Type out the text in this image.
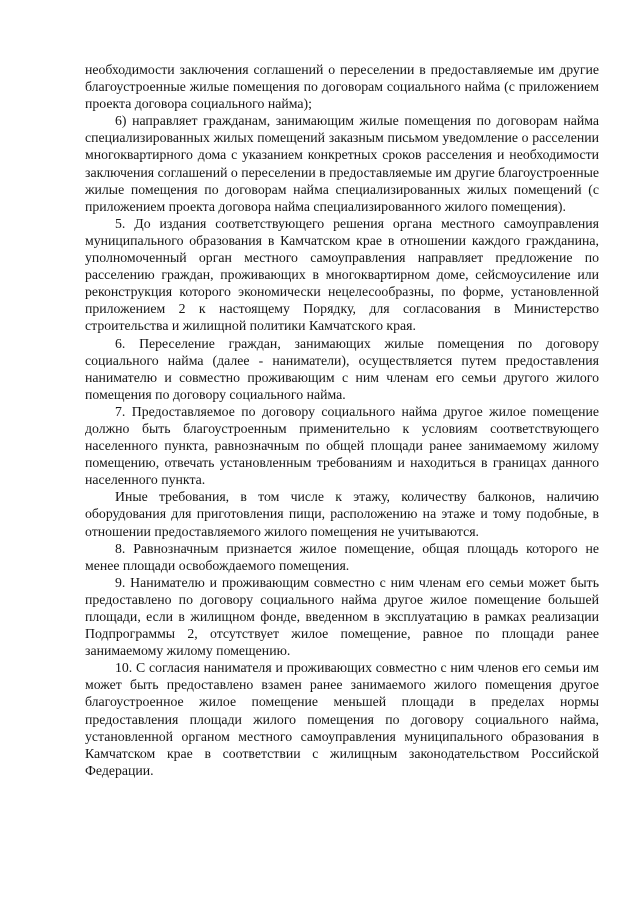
необходимости заключения соглашений о переселении в предоставляемые им другие благоустроенные жилые помещения по договорам социального найма (с приложением проекта договора социального найма);

6) направляет гражданам, занимающим жилые помещения по договорам найма специализированных жилых помещений заказным письмом уведомление о расселении многоквартирного дома с указанием конкретных сроков расселения и необходимости заключения соглашений о переселении в предоставляемые им другие благоустроенные жилые помещения по договорам найма специализированных жилых помещений (с приложением проекта договора найма специализированного жилого помещения).

5. До издания соответствующего решения органа местного самоуправления муниципального образования в Камчатском крае в отношении каждого гражданина, уполномоченный орган местного самоуправления направляет предложение по расселению граждан, проживающих в многоквартирном доме, сейсмоусиление или реконструкция которого экономически нецелесообразны, по форме, установленной приложением 2 к настоящему Порядку, для согласования в Министерство строительства и жилищной политики Камчатского края.

6. Переселение граждан, занимающих жилые помещения по договору социального найма (далее - наниматели), осуществляется путем предоставления нанимателю и совместно проживающим с ним членам его семьи другого жилого помещения по договору социального найма.

7. Предоставляемое по договору социального найма другое жилое помещение должно быть благоустроенным применительно к условиям соответствующего населенного пункта, равнозначным по общей площади ранее занимаемому жилому помещению, отвечать установленным требованиям и находиться в границах данного населенного пункта.

Иные требования, в том числе к этажу, количеству балконов, наличию оборудования для приготовления пищи, расположению на этаже и тому подобные, в отношении предоставляемого жилого помещения не учитываются.

8. Равнозначным признается жилое помещение, общая площадь которого не менее площади освобождаемого помещения.

9. Нанимателю и проживающим совместно с ним членам его семьи может быть предоставлено по договору социального найма другое жилое помещение большей площади, если в жилищном фонде, введенном в эксплуатацию в рамках реализации Подпрограммы 2, отсутствует жилое помещение, равное по площади ранее занимаемому жилому помещению.

10. С согласия нанимателя и проживающих совместно с ним членов его семьи им может быть предоставлено взамен ранее занимаемого жилого помещения другое благоустроенное жилое помещение меньшей площади в пределах нормы предоставления площади жилого помещения по договору социального найма, установленной органом местного самоуправления муниципального образования в Камчатском крае в соответствии с жилищным законодательством Российской Федерации.
